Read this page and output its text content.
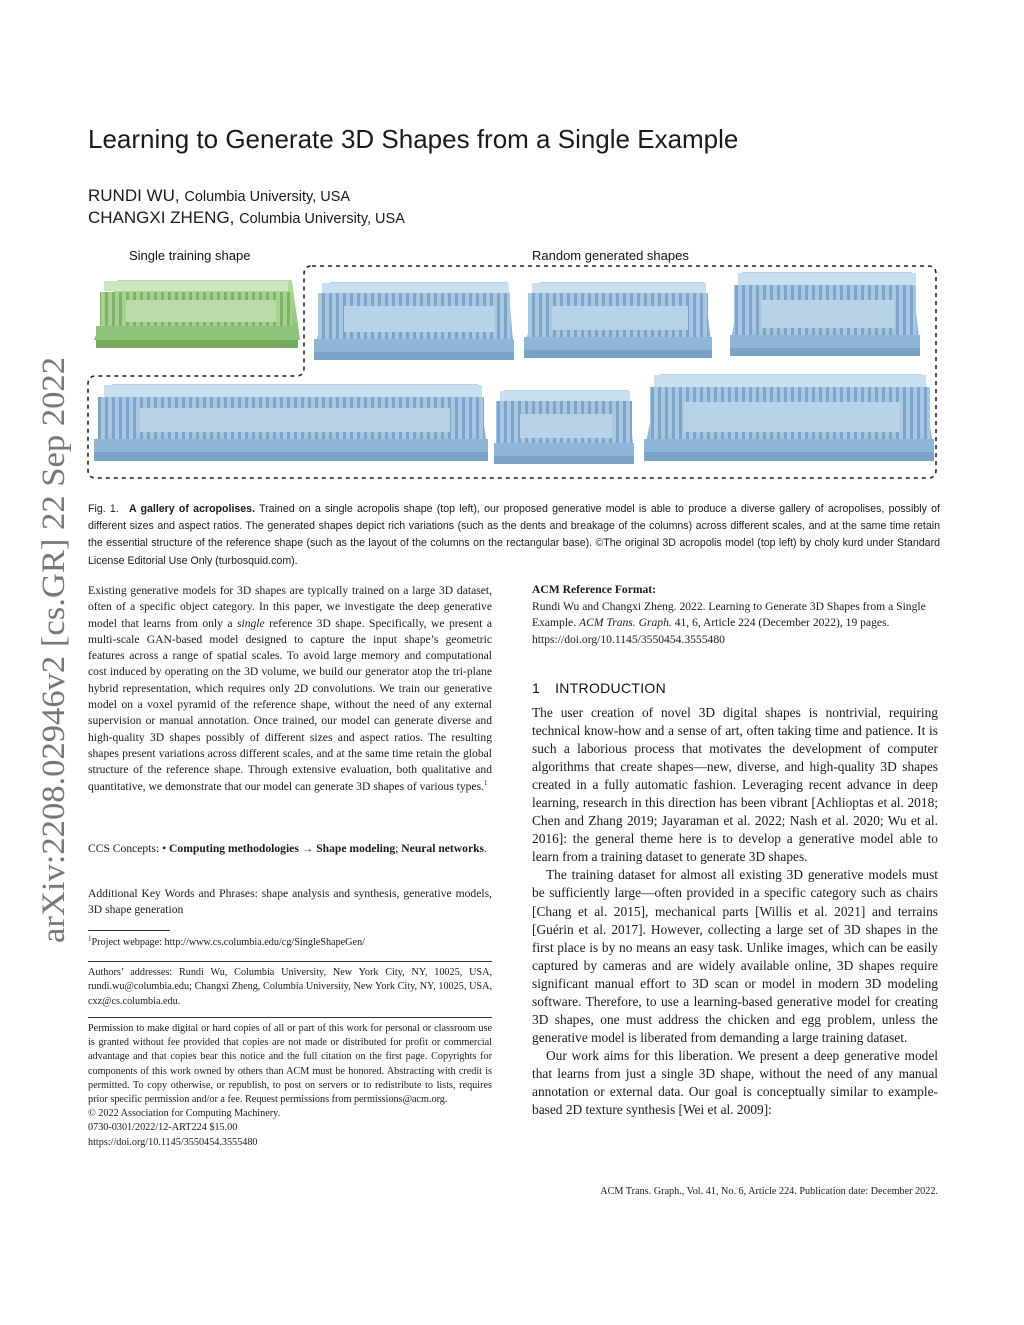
arXiv:2208.02946v2 [cs.GR] 22 Sep 2022
Learning to Generate 3D Shapes from a Single Example
RUNDI WU, Columbia University, USA
CHANGXI ZHENG, Columbia University, USA
Single training shape	Random generated shapes
Fig. 1. A gallery of acropolises. Trained on a single acropolis shape (top left), our proposed generative model is able to produce a diverse gallery of acropolises, possibly of different sizes and aspect ratios. The generated shapes depict rich variations (such as the dents and breakage of the columns) across different scales, and at the same time retain the essential structure of the reference shape (such as the layout of the columns on the rectangular base). ©The original 3D acropolis model (top left) by choly kurd under Standard License Editorial Use Only (turbosquid.com).
Existing generative models for 3D shapes are typically trained on a large 3D dataset, often of a specific object category. In this paper, we investigate the deep generative model that learns from only a single reference 3D shape. Specifically, we present a multi-scale GAN-based model designed to capture the input shape’s geometric features across a range of spatial scales. To avoid large memory and computational cost induced by operating on the 3D volume, we build our generator atop the tri-plane hybrid representation, which requires only 2D convolutions. We train our generative model on a voxel pyramid of the reference shape, without the need of any external supervision or manual annotation. Once trained, our model can generate diverse and high-quality 3D shapes possibly of different sizes and aspect ratios. The resulting shapes present variations across different scales, and at the same time retain the global structure of the reference shape. Through extensive evaluation, both qualitative and quantitative, we demonstrate that our model can generate 3D shapes of various types.$^1$
CCS Concepts: • Computing methodologies → Shape modeling; Neural networks.
Additional Key Words and Phrases: shape analysis and synthesis, generative models, 3D shape generation
$^1$Project webpage: http://www.cs.columbia.edu/cg/SingleShapeGen/
Authors’ addresses: Rundi Wu, Columbia University, New York City, NY, 10025, USA, rundi.wu@columbia.edu; Changxi Zheng, Columbia University, New York City, NY, 10025, USA, cxz@cs.columbia.edu.
Permission to make digital or hard copies of all or part of this work for personal or classroom use is granted without fee provided that copies are not made or distributed for profit or commercial advantage and that copies bear this notice and the full citation on the first page. Copyrights for components of this work owned by others than ACM must be honored. Abstracting with credit is permitted. To copy otherwise, or republish, to post on servers or to redistribute to lists, requires prior specific permission and/or a fee. Request permissions from permissions@acm.org.
© 2022 Association for Computing Machinery.
0730-0301/2022/12-ART224 $15.00
https://doi.org/10.1145/3550454.3555480
ACM Reference Format:
Rundi Wu and Changxi Zheng. 2022. Learning to Generate 3D Shapes from a Single Example. ACM Trans. Graph. 41, 6, Article 224 (December 2022), 19 pages. https://doi.org/10.1145/3550454.3555480
1 INTRODUCTION

The user creation of novel 3D digital shapes is nontrivial, requiring technical know-how and a sense of art, often taking time and patience. It is such a laborious process that motivates the development of computer algorithms that create shapes—new, diverse, and high-quality 3D shapes created in a fully automatic fashion. Leveraging recent advance in deep learning, research in this direction has been vibrant [Achlioptas et al. 2018; Chen and Zhang 2019; Jayaraman et al. 2022; Nash et al. 2020; Wu et al. 2016]: the general theme here is to develop a generative model able to learn from a training dataset to generate 3D shapes.

The training dataset for almost all existing 3D generative models must be sufficiently large—often provided in a specific category such as chairs [Chang et al. 2015], mechanical parts [Willis et al. 2021] and terrains [Guérin et al. 2017]. However, collecting a large set of 3D shapes in the first place is by no means an easy task. Unlike images, which can be easily captured by cameras and are widely available online, 3D shapes require significant manual effort to 3D scan or model in modern 3D modeling software. Therefore, to use a learning-based generative model for creating 3D shapes, one must address the chicken and egg problem, unless the generative model is liberated from demanding a large training dataset.

Our work aims for this liberation. We present a deep generative model that learns from just a single 3D shape, without the need of any manual annotation or external data. Our goal is conceptually similar to example-based 2D texture synthesis [Wei et al. 2009]:

ACM Trans. Graph., Vol. 41, No. 6, Article 224. Publication date: December 2022.
